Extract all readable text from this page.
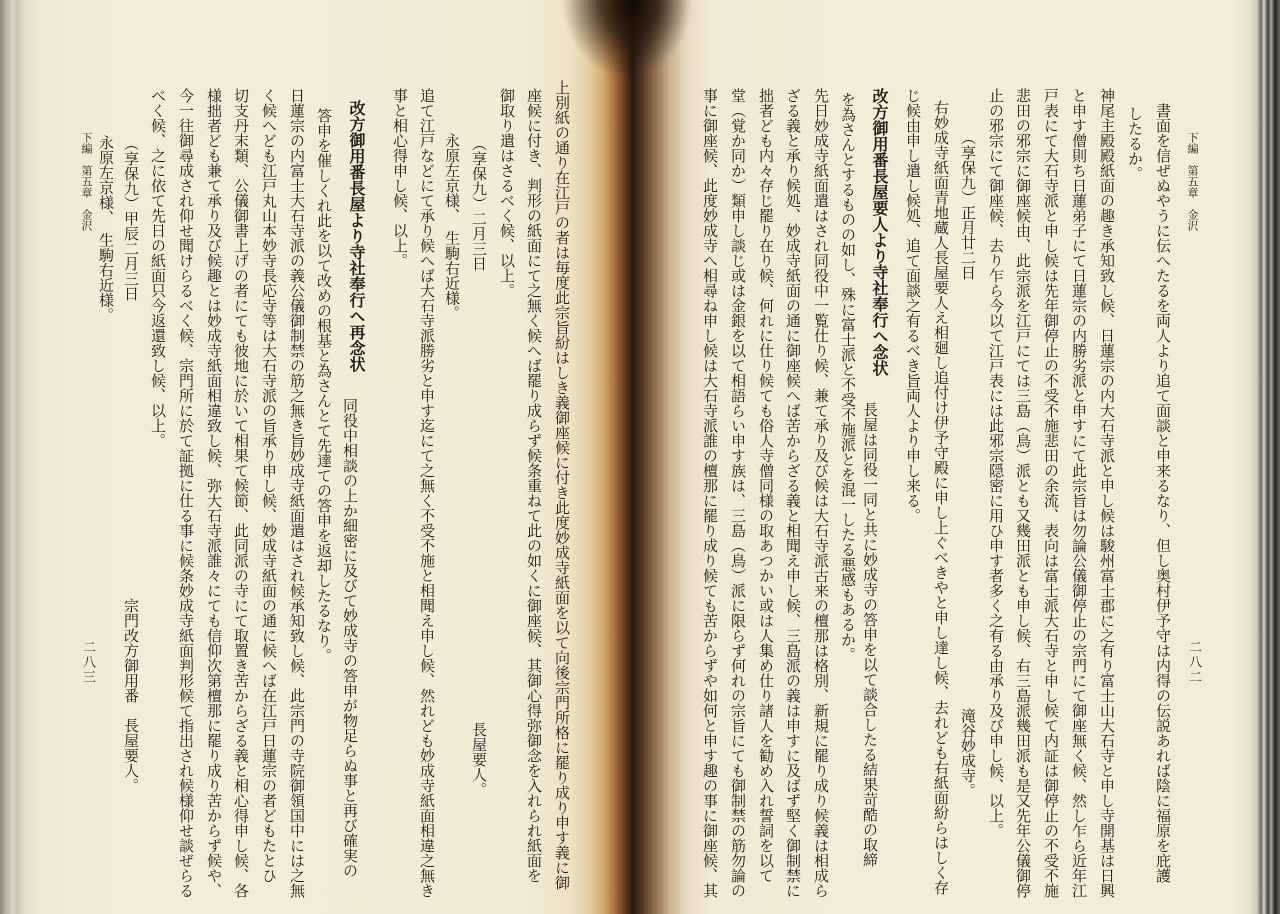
上別紙の通り在江戸の者は毎度此宗旨紛はしき義御座候に付き此度妙成寺紙面を以て向後宗門所格に罷り成り申す義に御
座候に付き、判形の紙面にて之無く候へば罷り成らず候条重ねて此の如くに御座候、其御心得弥御念を入れられ紙面を
御取り遣はさるべく候、以上。
（享保九）二月三日
長屋要人。
永原左京様、　生駒右近様。
追て江戸などにて承り候へば大石寺派勝劣と申す迄にて之無く不受不施と相聞え申し候、然れども妙成寺紙面相違之無き
事と相心得申し候、以上。
改方御用番長屋より寺社奉行へ再念状
同役中相談の上か細密に及びて妙成寺の答申が物足らぬ事と再び確実の
答申を催しくれ此を以て改めの根基と為さんとて先達ての答申を返却したるなり。
日蓮宗の内富士大石寺派の義公儀御制禁の筋之無き旨妙成寺紙面遣はされ候承知致し候、此宗門の寺院御領国中には之無
く候へども江戸丸山本妙寺長応寺等は大石寺派の旨承り申し候、妙成寺紙面の通に候へば在江戸日蓮宗の者どもたとひ
切支丹末類、公儀御書上げの者にても彼地に於いて相果て候節、此同派の寺にて取置き苦からざる義と相心得申し候、各
様拙者ども兼て承り及び候趣とは妙成寺紙面相違致し候、弥大石寺派誰々にても信仰次第檀那に罷り成り苦からず候や、
今一往御尋成され仰せ聞けらるべく候、宗門所に於て証拠に仕る事に候条妙成寺紙面判形候て指出され候様仰せ談ぜらる
べく候、之に依て先日の紙面只今返還致し候、以上。
（享保九）甲辰二月三日
宗門改方御用番　長屋要人。
永原左京様、　生駒右近様。
下編　第五章　金沢
二八三
下編　第五章　金沢
二八二
書面を信ぜぬやうに伝へたるを両人より追て面談と申来るなり、但し奥村伊予守は内得の伝説あれば陰に福原を庇護
したるか。
神尾主殿殿紙面の趣き承知致し候、日蓮宗の内大石寺派と申し候は駿州富士郡に之有り富士山大石寺と申し寺開基は日興
と申す僧則ち日蓮弟子にて日蓮宗の内勝劣派と申すにて此宗旨は勿論公儀御停止の宗門にて御座無く候、然し乍ら近年江
戸表にて大石寺派と申し候は先年御停止の不受不施悲田の余流、表向は富士派大石寺と申し候て内証は御停止の不受不施
悲田の邪宗に御座候由、此宗派を江戸にては三島（鳥）派とも又幾田派とも申し候、右三島派幾田派も是又先年公儀御停
止の邪宗にて御座候、去り乍ら今以て江戸表には此邪宗隠密に用ひ申す者多く之有る由承り及び申し候、以上。
（享保九）正月廿二日
滝谷妙成寺。
右妙成寺紙面青地蔵人長屋要人え相廻し追付け伊予守殿に申し上ぐべきやと申し達し候、去れども右紙面紛らはしく存
じ候由申し遣し候処、追て面談之有るべき旨両人より申し来る。
改方御用番長屋要人より寺社奉行へ念状
長屋は同役一同と共に妙成寺の答申を以て談合したる結果苛酷の取締
を為さんとするものの如し、殊に富士派と不受不施派とを混一したる悪感もあるか。
先日妙成寺紙面遣はされ同役中一覧仕り候、兼て承り及び候は大石寺派古来の檀那は格別、新規に罷り成り候義は相成ら
ざる義と承り候処、妙成寺紙面の通に御座候へば苦からざる義と相聞え申し候、三島派の義は申すに及ばず堅く御制禁に
拙者ども内々存じ罷り在り候、何れに仕り候ても俗人寺僧同様の取あつかい或は人集め仕り諸人を勧め入れ誓詞を以て
堂（覚か同か）類申し談じ或は金銀を以て相語らい申す族は、三島（鳥）派に限らず何れの宗旨にても御制禁の筋勿論の
事に御座候、此度妙成寺へ相尋ね申し候は大石寺派誰の檀那に罷り成り候ても苦からずや如何と申す趣の事に御座候、其
